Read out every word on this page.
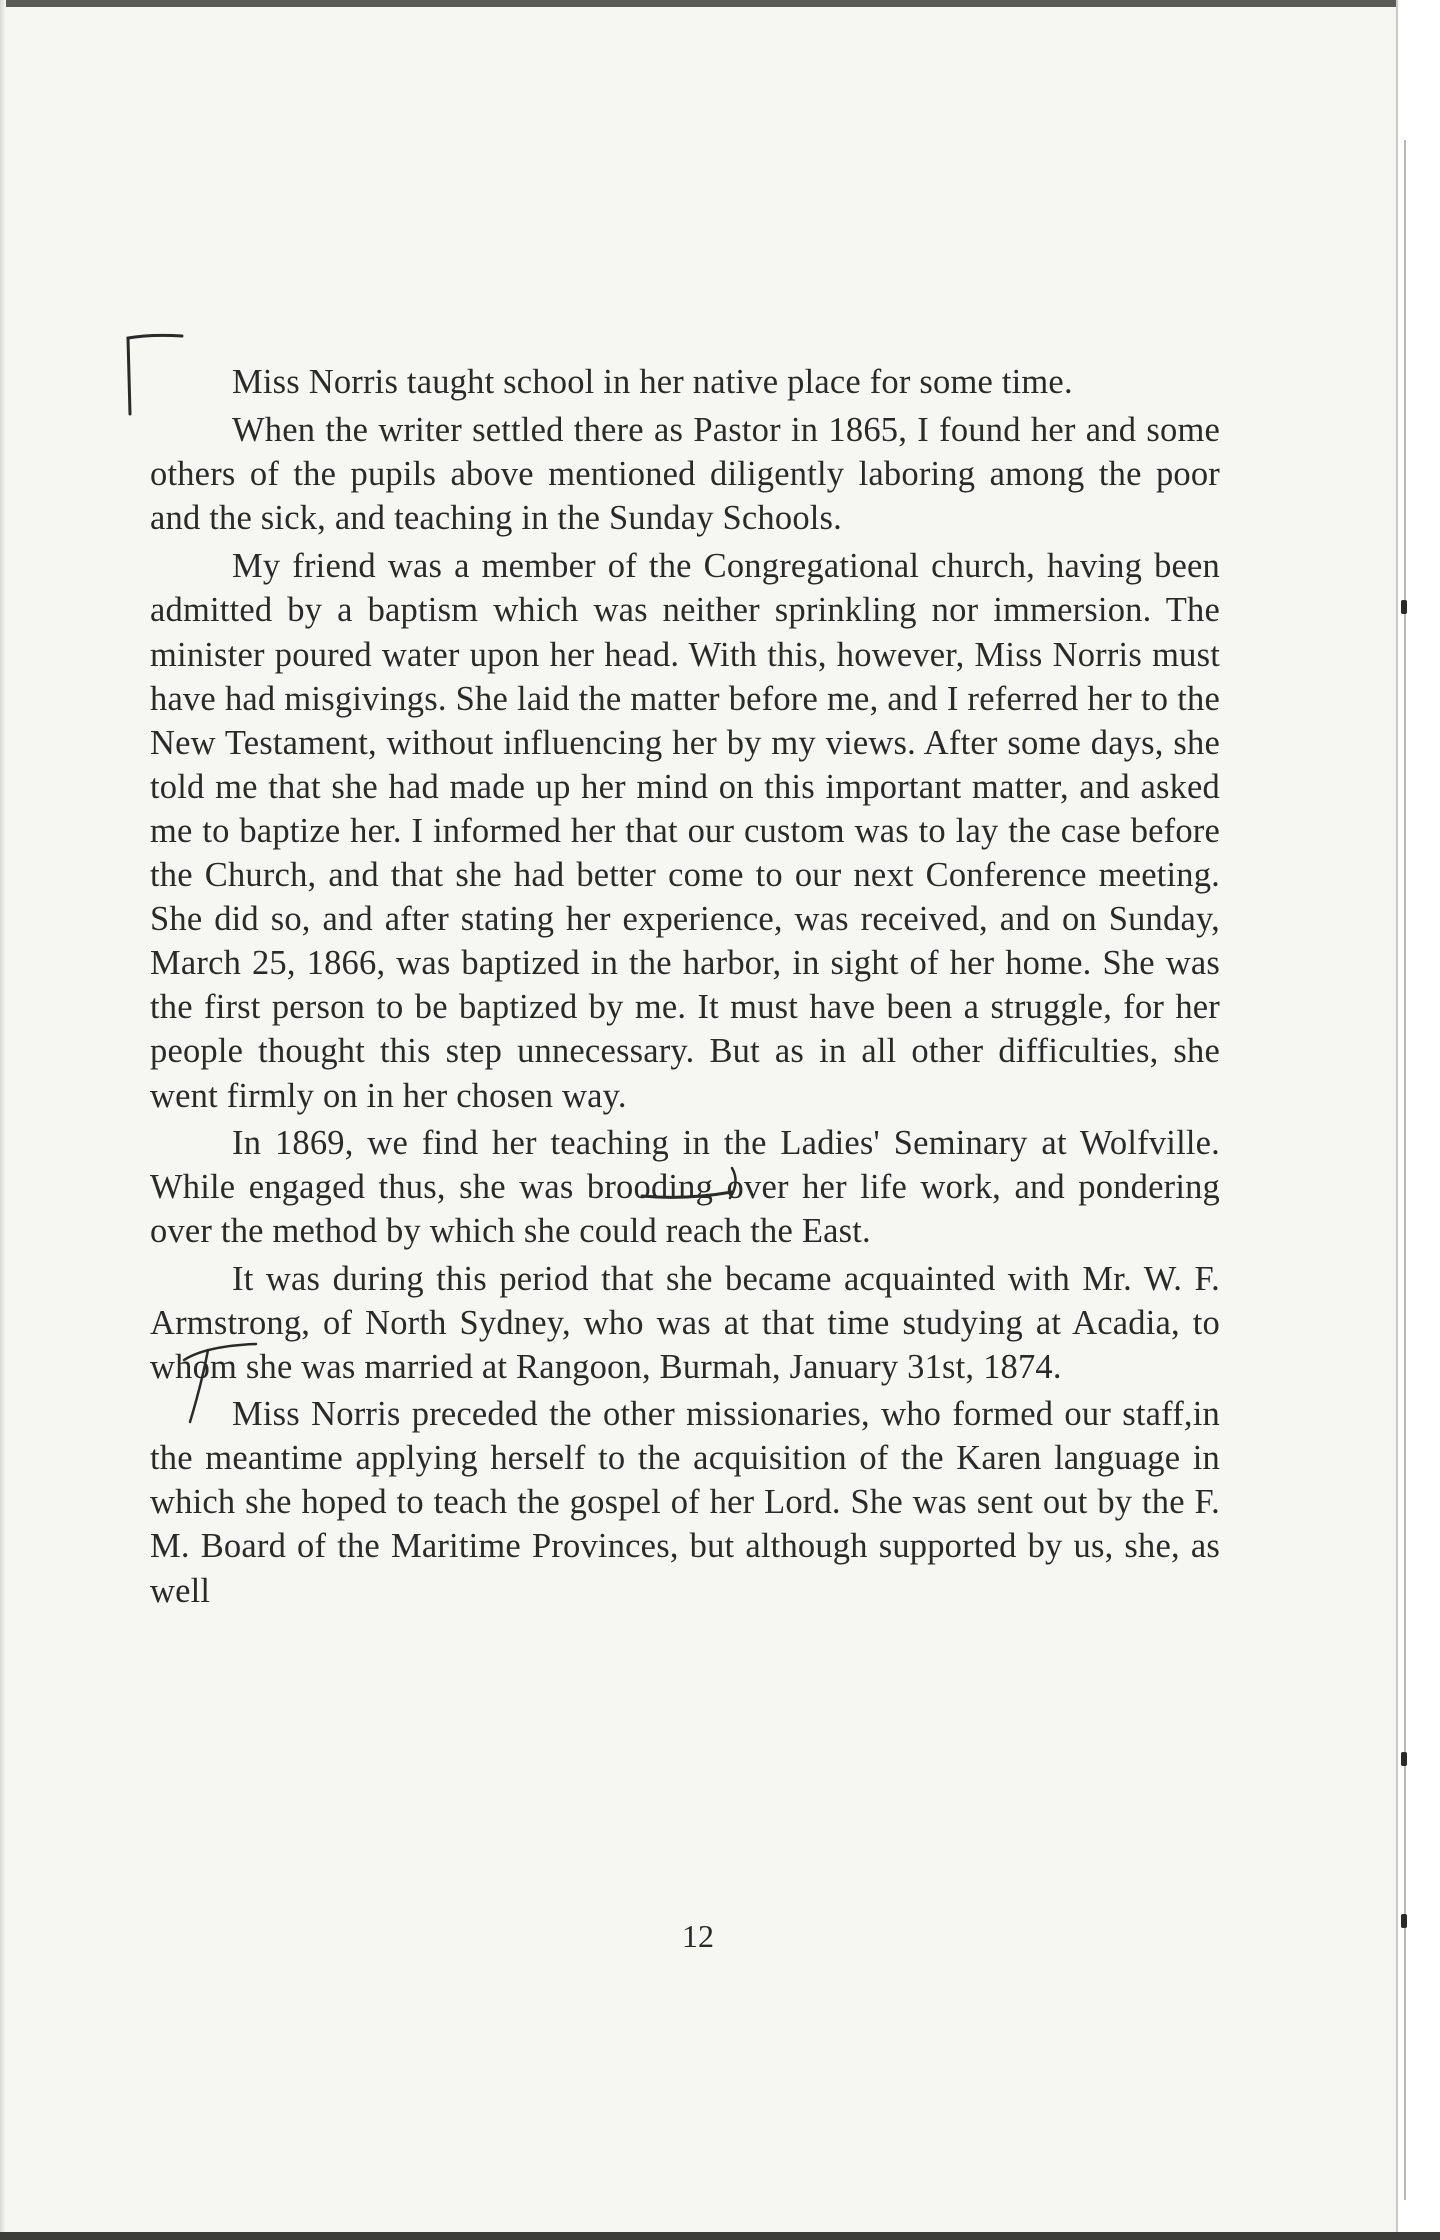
Miss Norris taught school in her native place for some time.

When the writer settled there as Pastor in 1865, I found her and some others of the pupils above mentioned diligently laboring among the poor and the sick, and teaching in the Sunday Schools.

My friend was a member of the Congregational church, having been admitted by a baptism which was neither sprinkling nor immersion. The minister poured water upon her head. With this, however, Miss Norris must have had misgivings. She laid the matter before me, and I referred her to the New Testament, without influencing her by my views. After some days, she told me that she had made up her mind on this important matter, and asked me to baptize her. I informed her that our custom was to lay the case before the Church, and that she had better come to our next Conference meeting. She did so, and after stating her experience, was received, and on Sunday, March 25, 1866, was baptized in the harbor, in sight of her home. She was the first person to be baptized by me. It must have been a struggle, for her people thought this step unnecessary. But as in all other difficulties, she went firmly on in her chosen way.

In 1869, we find her teaching in the Ladies' Seminary at Wolfville. While engaged thus, she was brooding over her life work, and pondering over the method by which she could reach the East.

It was during this period that she became acquainted with Mr. W. F. Armstrong, of North Sydney, who was at that time studying at Acadia, to whom she was married at Rangoon, Burmah, January 31st, 1874.

Miss Norris preceded the other missionaries, who formed our staff,in the meantime applying herself to the acquisition of the Karen language in which she hoped to teach the gospel of her Lord. She was sent out by the F. M. Board of the Maritime Provinces, but although supported by us, she, as well

12
